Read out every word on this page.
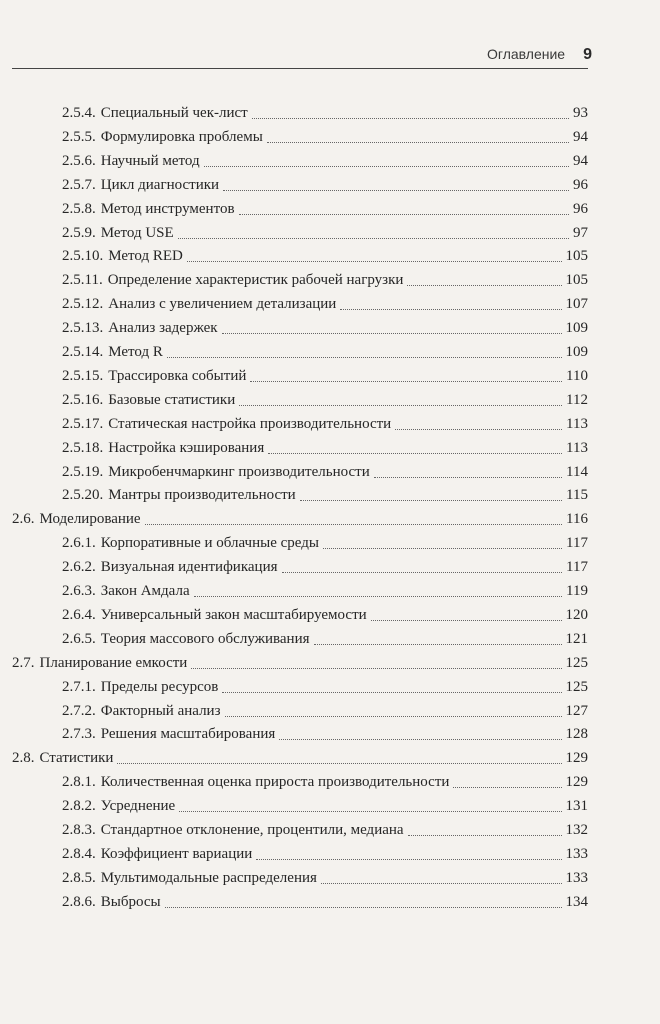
Оглавление 9
2.5.4. Специальный чек-лист	93
2.5.5. Формулировка проблемы	94
2.5.6. Научный метод	94
2.5.7. Цикл диагностики	96
2.5.8. Метод инструментов	96
2.5.9. Метод USE	97
2.5.10. Метод RED	105
2.5.11. Определение характеристик рабочей нагрузки	105
2.5.12. Анализ с увеличением детализации	107
2.5.13. Анализ задержек	109
2.5.14. Метод R	109
2.5.15. Трассировка событий	110
2.5.16. Базовые статистики	112
2.5.17. Статическая настройка производительности	113
2.5.18. Настройка кэширования	113
2.5.19. Микробенчмаркинг производительности	114
2.5.20. Мантры производительности	115
2.6. Моделирование	116
2.6.1. Корпоративные и облачные среды	117
2.6.2. Визуальная идентификация	117
2.6.3. Закон Амдала	119
2.6.4. Универсальный закон масштабируемости	120
2.6.5. Теория массового обслуживания	121
2.7. Планирование емкости	125
2.7.1. Пределы ресурсов	125
2.7.2. Факторный анализ	127
2.7.3. Решения масштабирования	128
2.8. Статистики	129
2.8.1. Количественная оценка прироста производительности	129
2.8.2. Усреднение	131
2.8.3. Стандартное отклонение, процентили, медиана	132
2.8.4. Коэффициент вариации	133
2.8.5. Мультимодальные распределения	133
2.8.6. Выбросы	134
